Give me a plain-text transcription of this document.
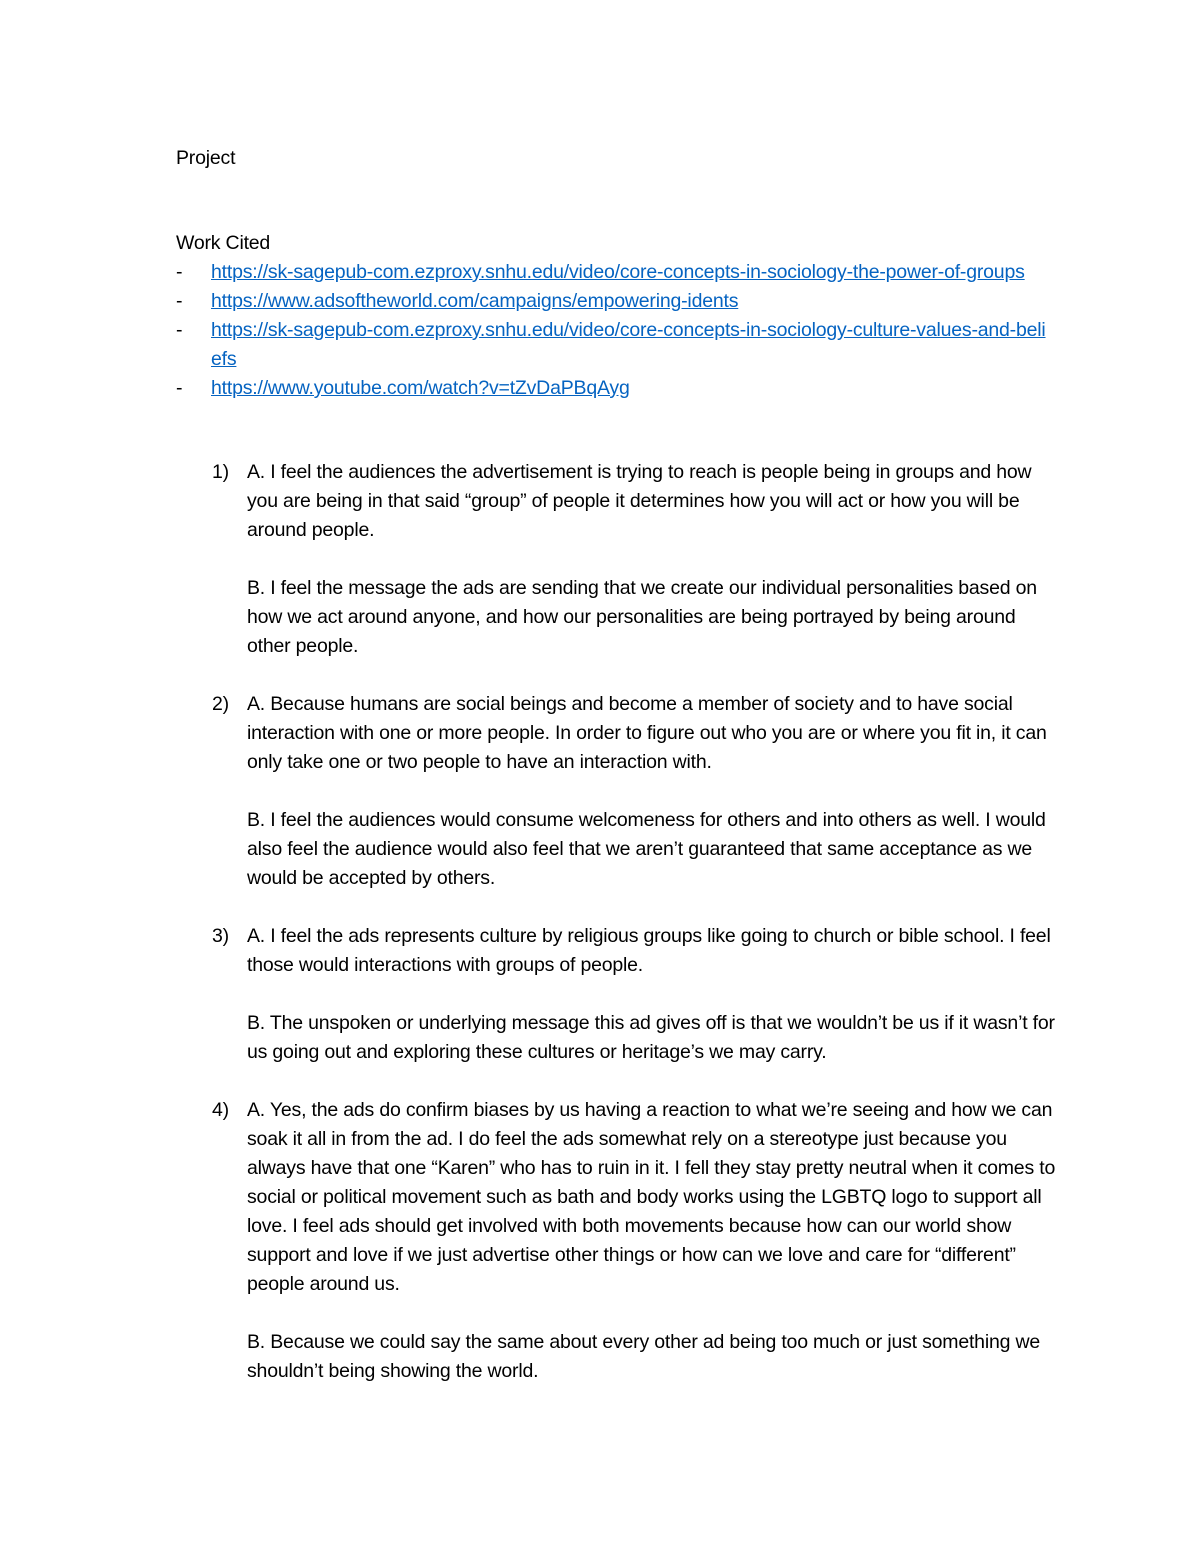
Project
Work Cited
- https://sk-sagepub-com.ezproxy.snhu.edu/video/core-concepts-in-sociology-the-power-of-groups
- https://www.adsoftheworld.com/campaigns/empowering-idents
- https://sk-sagepub-com.ezproxy.snhu.edu/video/core-concepts-in-sociology-culture-values-and-beliefs
- https://www.youtube.com/watch?v=tZvDaPBqAyg
1) A. I feel the audiences the advertisement is trying to reach is people being in groups and how you are being in that said “group” of people it determines how you will act or how you will be around people.

B. I feel the message the ads are sending that we create our individual personalities based on how we act around anyone, and how our personalities are being portrayed by being around other people.

2) A. Because humans are social beings and become a member of society and to have social interaction with one or more people. In order to figure out who you are or where you fit in, it can only take one or two people to have an interaction with.

B. I feel the audiences would consume welcomeness for others and into others as well. I would also feel the audience would also feel that we aren’t guaranteed that same acceptance as we would be accepted by others.

3) A. I feel the ads represents culture by religious groups like going to church or bible school. I feel those would interactions with groups of people.

B. The unspoken or underlying message this ad gives off is that we wouldn’t be us if it wasn’t for us going out and exploring these cultures or heritage’s we may carry.

4) A. Yes, the ads do confirm biases by us having a reaction to what we’re seeing and how we can soak it all in from the ad. I do feel the ads somewhat rely on a stereotype just because you always have that one “Karen” who has to ruin in it. I fell they stay pretty neutral when it comes to social or political movement such as bath and body works using the LGBTQ logo to support all love. I feel ads should get involved with both movements because how can our world show support and love if we just advertise other things or how can we love and care for “different” people around us.

B. Because we could say the same about every other ad being too much or just something we shouldn’t being showing the world.
